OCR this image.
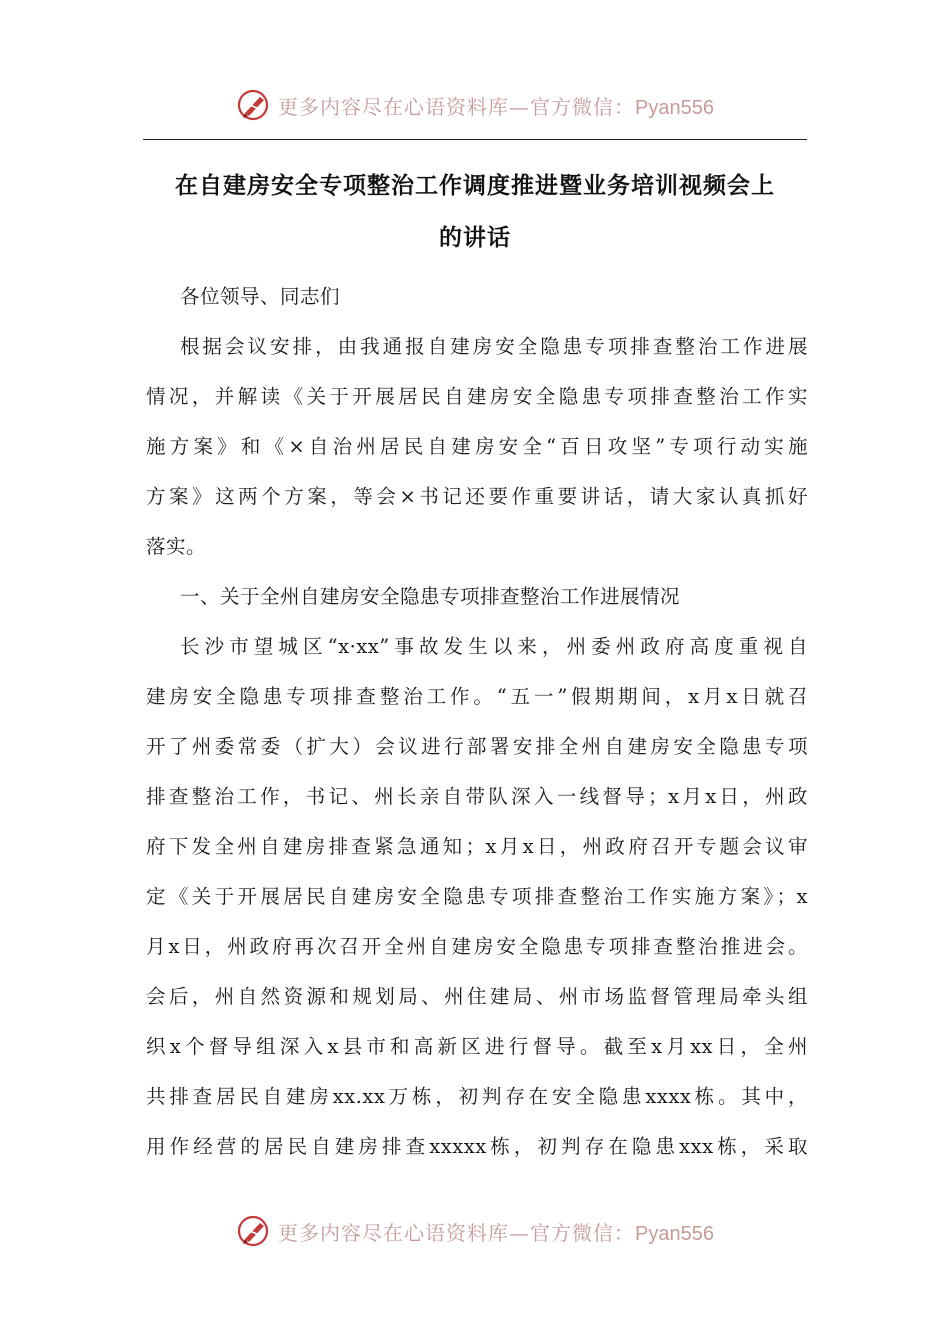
更多内容尽在心语资料库—官方微信：Pyan556
在自建房安全专项整治工作调度推进暨业务培训视频会上
的讲话
各位领导、同志们
根据会议安排，由我通报自建房安全隐患专项排查整治工作进展
情况，并解读《关于开展居民自建房安全隐患专项排查整治工作实
施方案》和《×自治州居民自建房安全“百日攻坚”专项行动实施
方案》这两个方案，等会×书记还要作重要讲话，请大家认真抓好
落实。
一、关于全州自建房安全隐患专项排查整治工作进展情况
长沙市望城区“x·xx”事故发生以来，州委州政府高度重视自
建房安全隐患专项排查整治工作。“五一”假期期间，x月x日就召
开了州委常委（扩大）会议进行部署安排全州自建房安全隐患专项
排查整治工作，书记、州长亲自带队深入一线督导；x月x日，州政
府下发全州自建房排查紧急通知；x月x日，州政府召开专题会议审
定《关于开展居民自建房安全隐患专项排查整治工作实施方案》；x
月x日，州政府再次召开全州自建房安全隐患专项排查整治推进会。
会后，州自然资源和规划局、州住建局、州市场监督管理局牵头组
织x个督导组深入x县市和高新区进行督导。截至x月xx日，全州
共排查居民自建房xx.xx万栋，初判存在安全隐患xxxx栋。其中，
用作经营的居民自建房排查xxxxx栋，初判存在隐患xxx栋，采取
更多内容尽在心语资料库—官方微信：Pyan556
